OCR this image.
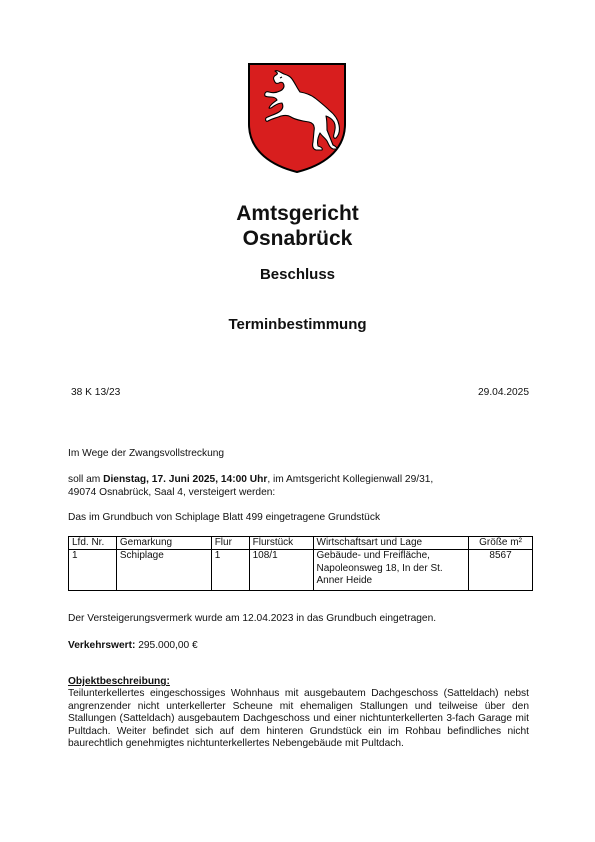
Amtsgericht
Osnabrück
Beschluss
Terminbestimmung
38 K 13/23	29.04.2025
Im Wege der Zwangsvollstreckung
soll am Dienstag, 17. Juni 2025, 14:00 Uhr, im Amtsgericht Kollegienwall 29/31,
49074 Osnabrück, Saal 4, versteigert werden:
Das im Grundbuch von Schiplage Blatt 499 eingetragene Grundstück
Lfd. Nr.	Gemarkung	Flur	Flurstück	Wirtschaftsart und Lage	Größe m²
1	Schiplage	1	108/1	Gebäude- und Freifläche, Napoleonsweg 18, In der St. Anner Heide	8567
Der Versteigerungsvermerk wurde am 12.04.2023 in das Grundbuch eingetragen.
Verkehrswert: 295.000,00 €
Objektbeschreibung:
Teilunterkellertes eingeschossiges Wohnhaus mit ausgebautem Dachgeschoss (Satteldach) nebst angrenzender nicht unterkellerter Scheune mit ehemaligen Stallungen und teilweise über den Stallungen (Satteldach) ausgebautem Dachgeschoss und einer nichtunterkellerten 3-fach Garage mit Pultdach. Weiter befindet sich auf dem hinteren Grundstück ein im Rohbau befindliches nicht baurechtlich genehmigtes nichtunterkellertes Nebengebäude mit Pultdach.
